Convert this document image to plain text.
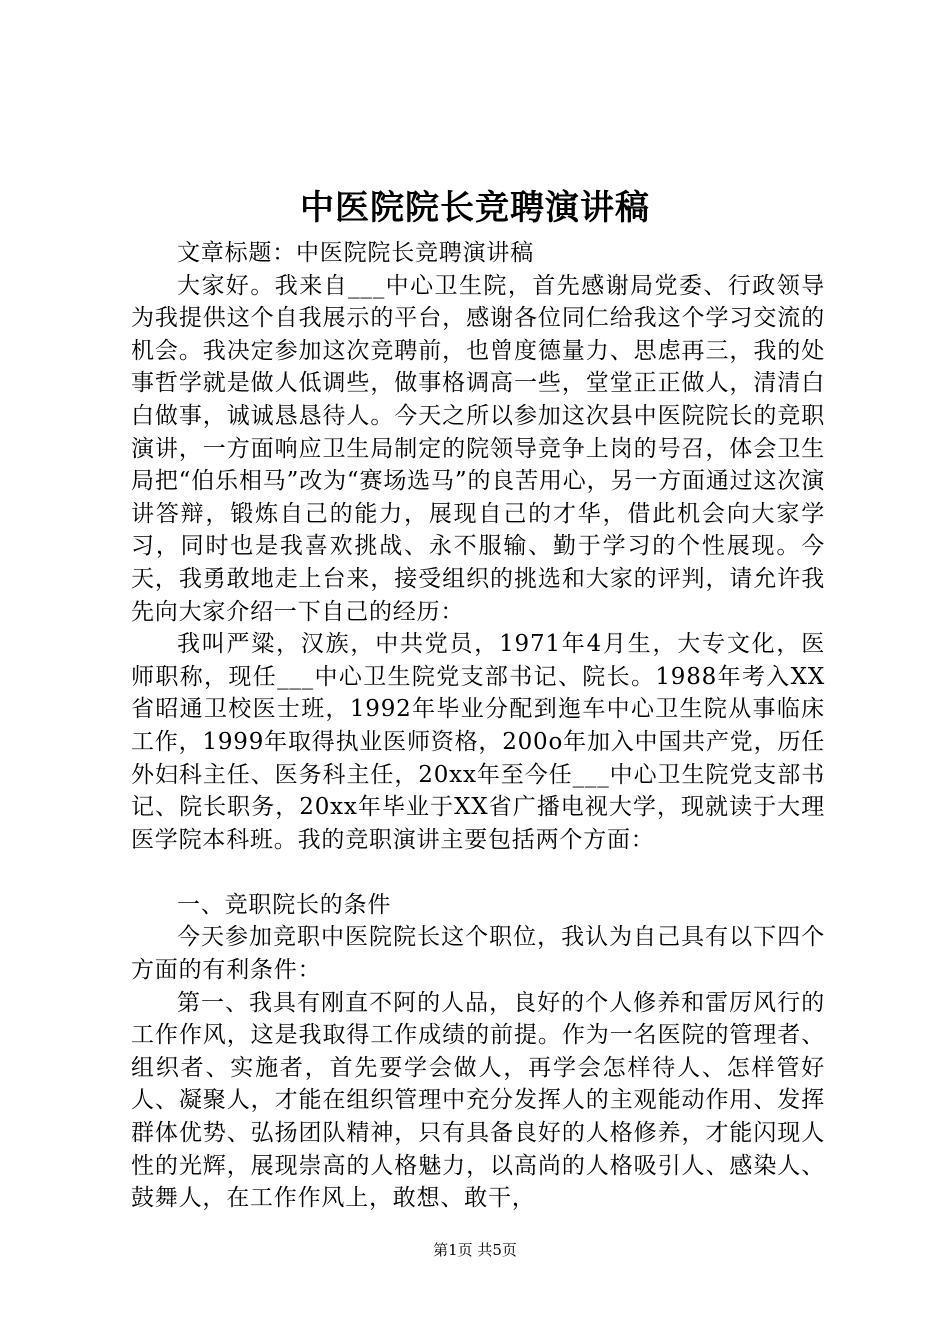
中医院院长竞聘演讲稿

文章标题：中医院院长竞聘演讲稿

大家好。我来自___中心卫生院，首先感谢局党委、行政领导为我提供这个自我展示的平台，感谢各位同仁给我这个学习交流的机会。我决定参加这次竞聘前，也曾度德量力、思虑再三，我的处事哲学就是做人低调些，做事格调高一些，堂堂正正做人，清清白白做事，诚诚恳恳待人。今天之所以参加这次县中医院院长的竞职演讲，一方面响应卫生局制定的院领导竞争上岗的号召，体会卫生局把“伯乐相马”改为“赛场选马”的良苦用心，另一方面通过这次演讲答辩，锻炼自己的能力，展现自己的才华，借此机会向大家学习，同时也是我喜欢挑战、永不服输、勤于学习的个性展现。今天，我勇敢地走上台来，接受组织的挑选和大家的评判，请允许我先向大家介绍一下自己的经历：

我叫严粱，汉族，中共党员，1971年4月生，大专文化，医师职称，现任___中心卫生院党支部书记、院长。1988年考入XX省昭通卫校医士班，1992年毕业分配到迤车中心卫生院从事临床工作，1999年取得执业医师资格，200o年加入中国共产党，历任外妇科主任、医务科主任，20xx年至今任___中心卫生院党支部书记、院长职务，20xx年毕业于XX省广播电视大学，现就读于大理医学院本科班。我的竞职演讲主要包括两个方面：

一、竞职院长的条件

今天参加竞职中医院院长这个职位，我认为自己具有以下四个方面的有利条件：

第一、我具有刚直不阿的人品，良好的个人修养和雷厉风行的工作作风，这是我取得工作成绩的前提。作为一名医院的管理者、组织者、实施者，首先要学会做人，再学会怎样待人、怎样管好人、凝聚人，才能在组织管理中充分发挥人的主观能动作用、发挥群体优势、弘扬团队精神，只有具备良好的人格修养，才能闪现人性的光辉，展现崇高的人格魅力，以高尚的人格吸引人、感染人、鼓舞人，在工作作风上，敢想、敢干，

第1页 共5页
